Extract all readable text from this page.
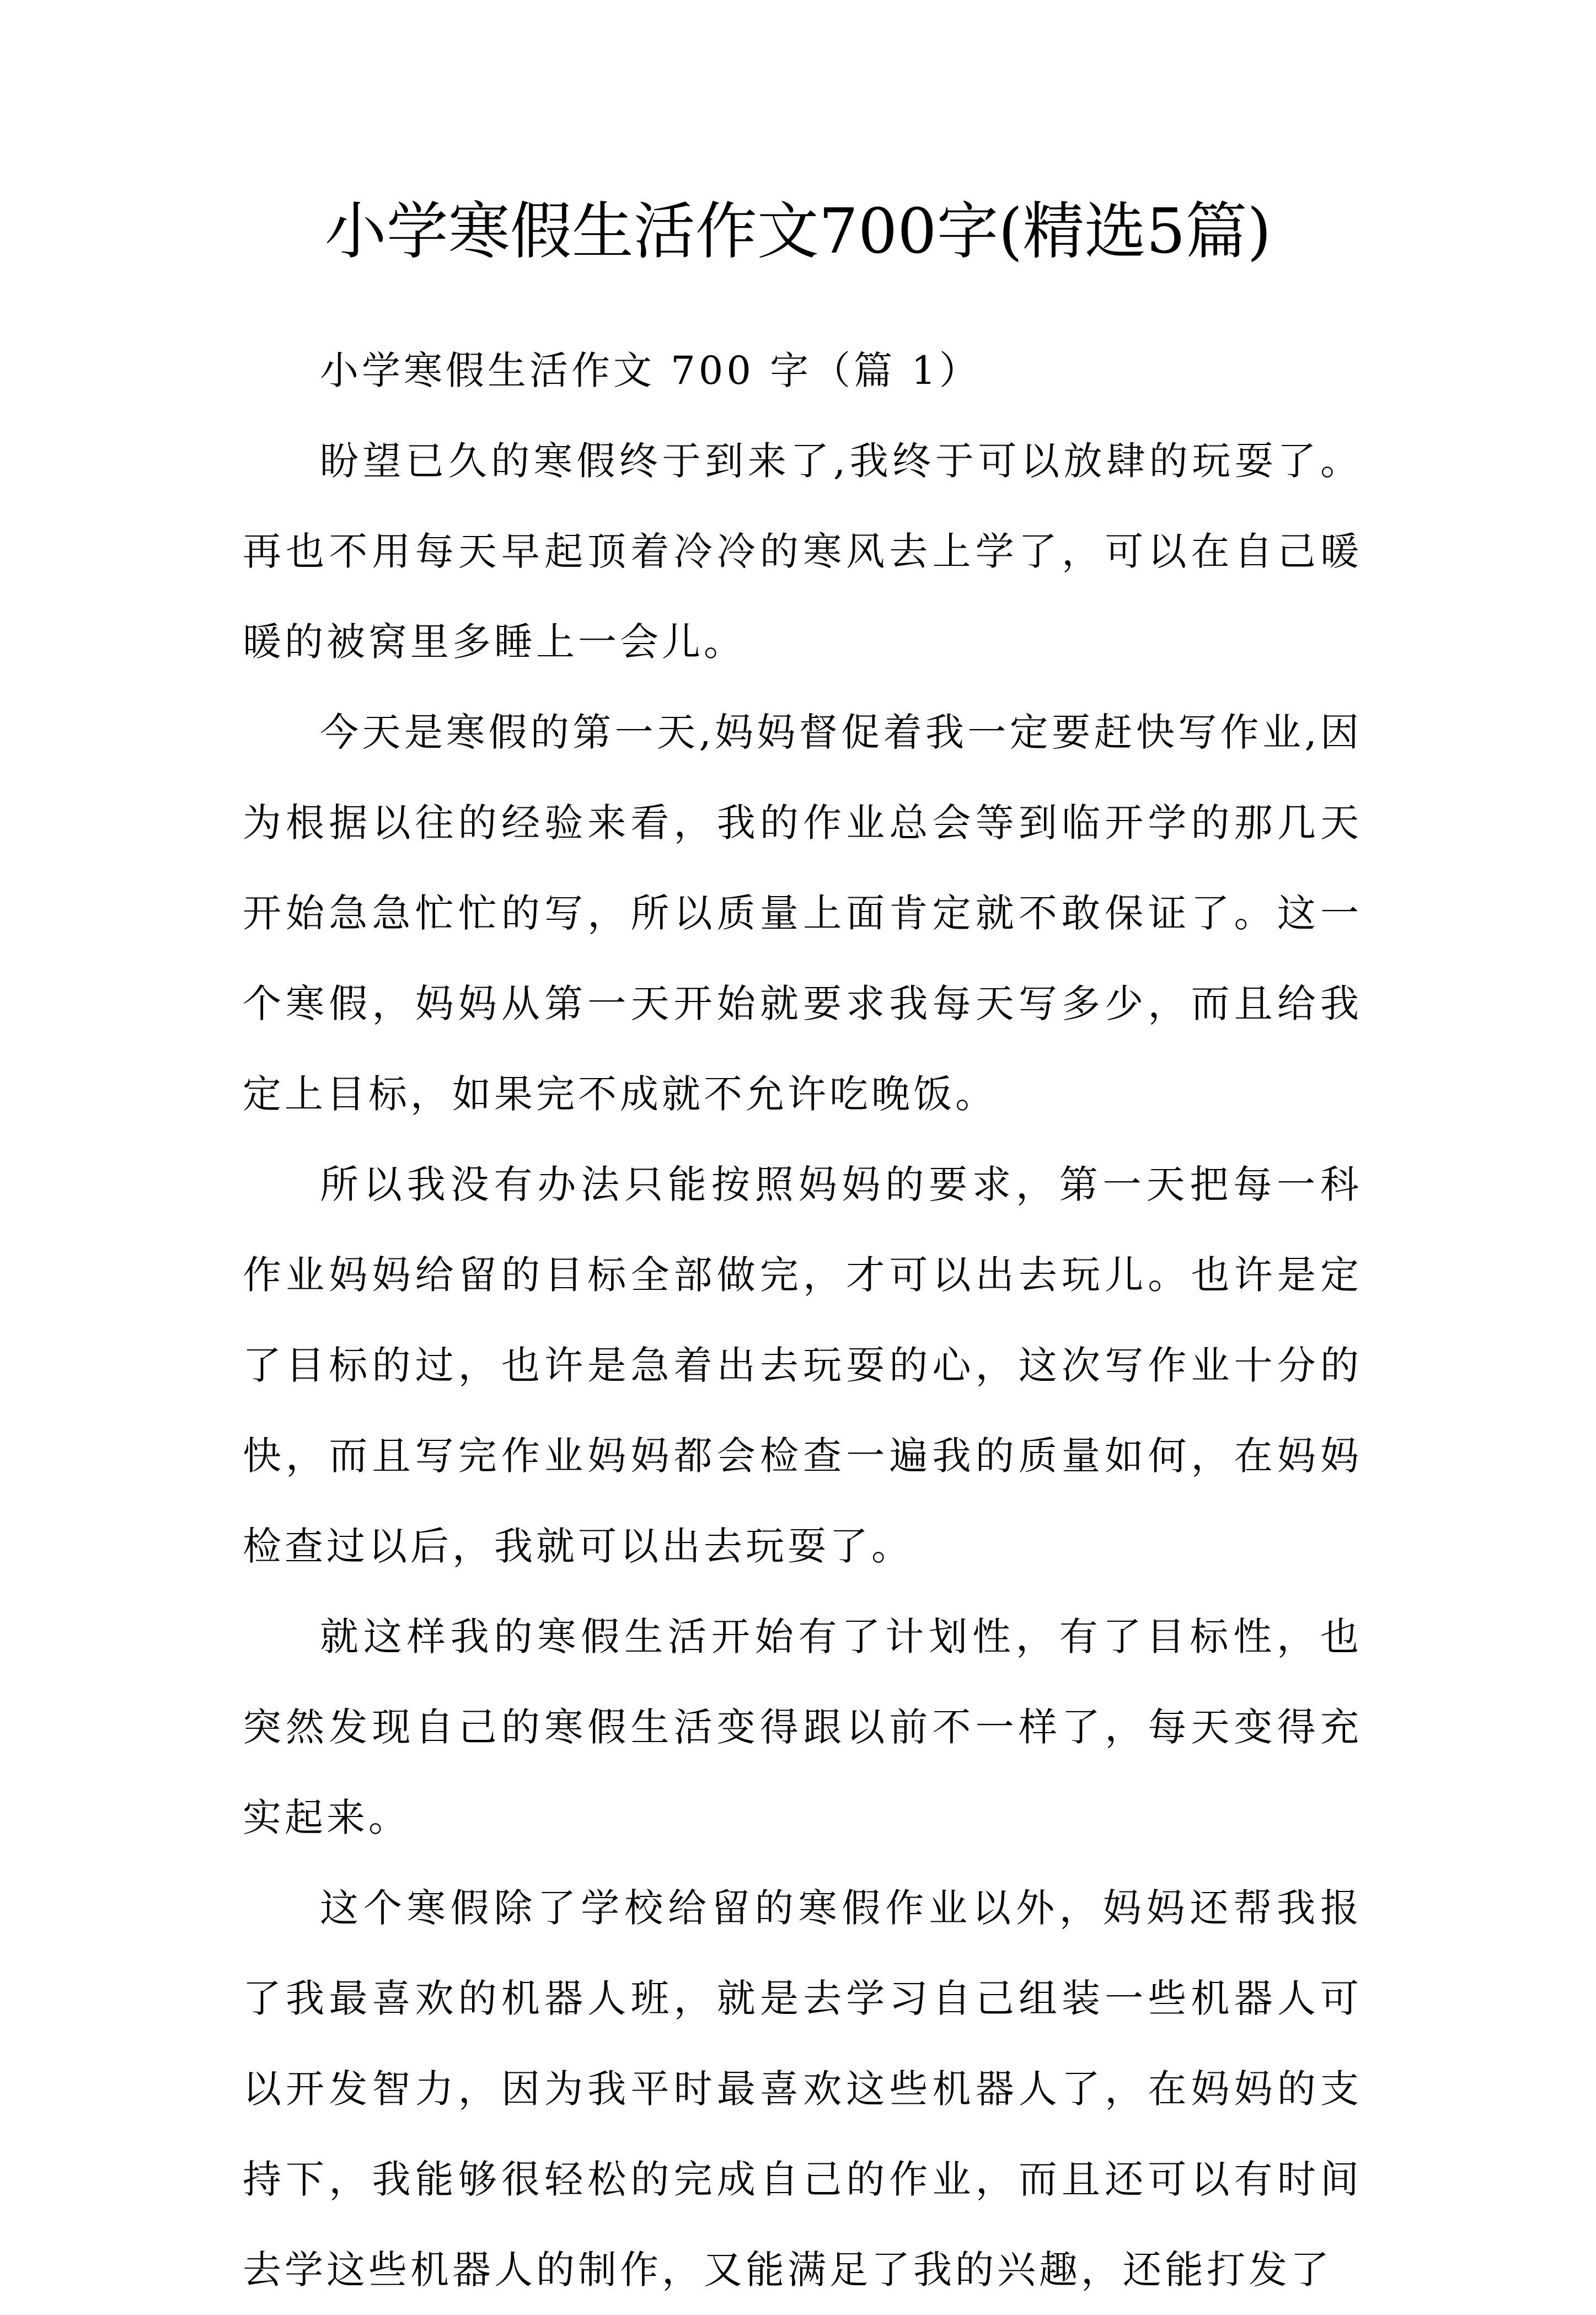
小学寒假生活作文700字(精选5篇)
小学寒假生活作文 700 字（篇 1）

盼望已久的寒假终于到来了,我终于可以放肆的玩耍了。再也不用每天早起顶着冷冷的寒风去上学了，可以在自己暖暖的被窝里多睡上一会儿。

今天是寒假的第一天,妈妈督促着我一定要赶快写作业,因为根据以往的经验来看，我的作业总会等到临开学的那几天开始急急忙忙的写，所以质量上面肯定就不敢保证了。这一个寒假，妈妈从第一天开始就要求我每天写多少，而且给我定上目标，如果完不成就不允许吃晚饭。

所以我没有办法只能按照妈妈的要求，第一天把每一科作业妈妈给留的目标全部做完，才可以出去玩儿。也许是定了目标的过，也许是急着出去玩耍的心，这次写作业十分的快，而且写完作业妈妈都会检查一遍我的质量如何，在妈妈检查过以后，我就可以出去玩耍了。

就这样我的寒假生活开始有了计划性，有了目标性，也突然发现自己的寒假生活变得跟以前不一样了，每天变得充实起来。

这个寒假除了学校给留的寒假作业以外，妈妈还帮我报了我最喜欢的机器人班，就是去学习自己组装一些机器人可以开发智力，因为我平时最喜欢这些机器人了，在妈妈的支持下，我能够很轻松的完成自己的作业，而且还可以有时间去学这些机器人的制作，又能满足了我的兴趣，还能打发了
